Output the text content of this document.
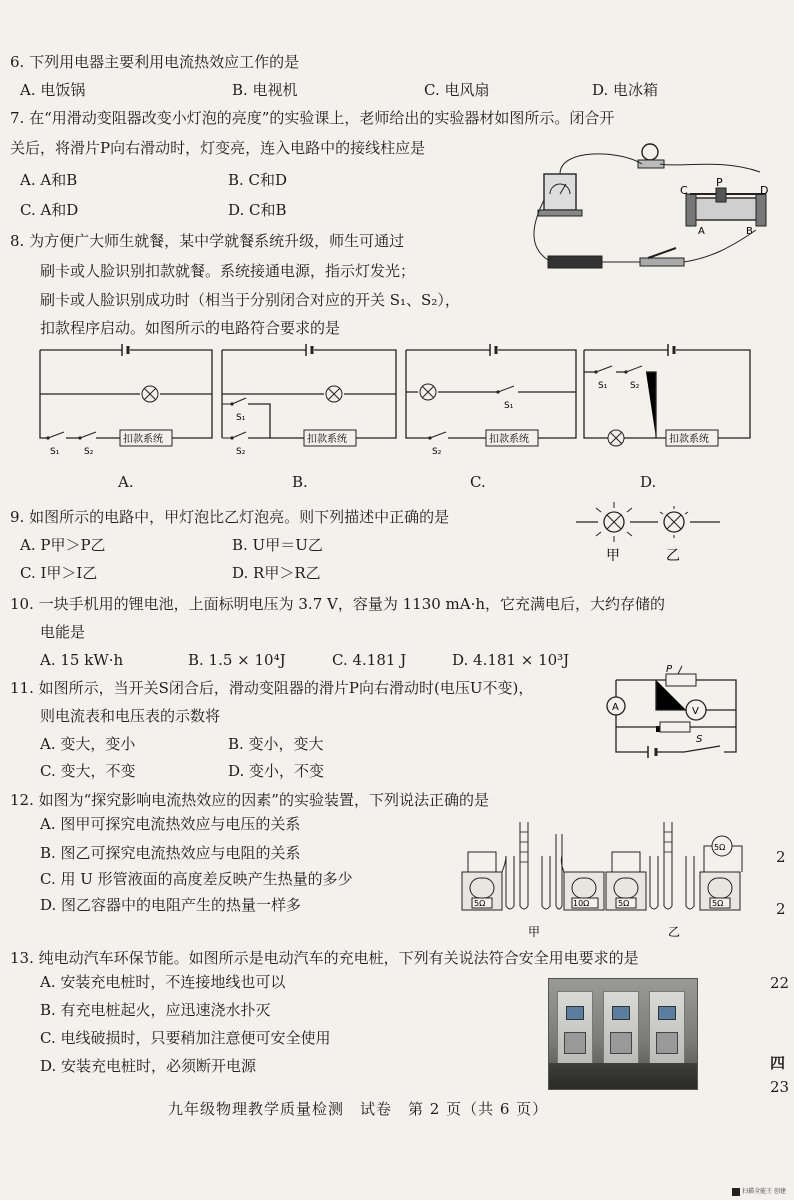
6. 下列用电器主要利用电流热效应工作的是
A. 电饭锅	B. 电视机	C. 电风扇	D. 电冰箱
7. 在“用滑动变阻器改变小灯泡的亮度”的实验课上，老师给出的实验器材如图所示。闭合开
关后，将滑片P向右滑动时，灯变亮，连入电路中的接线柱应是
A. A和B	B. C和D
C. A和D	D. C和B
P
C	D
A	B
8. 为方便广大师生就餐，某中学就餐系统升级，师生可通过
刷卡或人脸识别扣款就餐。系统接通电源，指示灯发光；
刷卡或人脸识别成功时（相当于分别闭合对应的开关 S₁、S₂），
扣款程序启动。如图所示的电路符合要求的是
扣款系统
S₁	S₂
A.
扣款系统
S₁
S₂
B.
扣款系统
S₁
S₂
C.
扣款系统
S₁	S₂
D.
9. 如图所示的电路中，甲灯泡比乙灯泡亮。则下列描述中正确的是
A. P甲＞P乙	B. U甲＝U乙
C. I甲＞I乙	D. R甲＞R乙
甲	乙
10. 一块手机用的锂电池，上面标明电压为 3.7 V，容量为 1130 mA·h，它充满电后，大约存储的
电能是
A. 15 kW·h	B. 1.5 × 10⁴J	C. 4.181 J	D. 4.181 × 10³J
11. 如图所示，当开关S闭合后，滑动变阻器的滑片P向右滑动时(电压U不变)，
则电流表和电压表的示数将
A. 变大，变小	B. 变小，变大
C. 变大，不变	D. 变小，不变
P
A	V
S
12. 如图为“探究影响电流热效应的因素”的实验装置，下列说法正确的是
A. 图甲可探究电流热效应与电压的关系
B. 图乙可探究电流热效应与电阻的关系
C. 用 U 形管液面的高度差反映产生热量的多少
D. 图乙容器中的电阻产生的热量一样多	5Ω	10Ω
甲
5Ω	5Ω
5Ω
乙
13. 纯电动汽车环保节能。如图所示是电动汽车的充电桩，下列有关说法符合安全用电要求的是
A. 安装充电桩时，不连接地线也可以
B. 有充电桩起火，应迅速浇水扑灭
C. 电线破损时，只要稍加注意便可安全使用
D. 安装充电桩时，必须断开电源
2
2
22
四
23
九年级物理教学质量检测　试卷　第 2 页（共 6 页）
扫描全能王 创建
